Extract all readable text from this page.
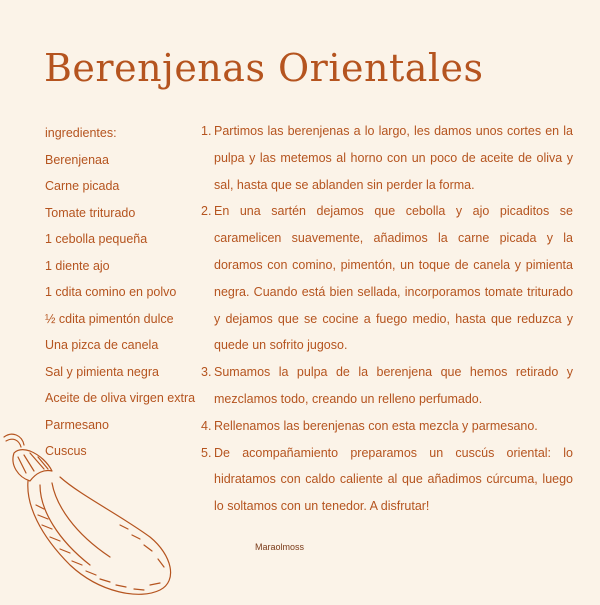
Berenjenas Orientales
ingredientes:
Berenjenaa
Carne picada
Tomate triturado
1 cebolla pequeña
1 diente ajo
1 cdita comino en polvo
½ cdita pimentón dulce
Una pizca de canela
Sal y pimienta negra
Aceite de oliva virgen extra
Parmesano
Cuscus
1. Partimos las berenjenas a lo largo, les damos unos cortes en la pulpa y las metemos al horno con un poco de aceite de oliva y sal, hasta que se ablanden sin perder la forma.
2. En una sartén dejamos que cebolla y ajo picaditos se caramelicen suavemente, añadimos la carne picada y la doramos con comino, pimentón, un toque de canela y pimienta negra. Cuando está bien sellada, incorporamos tomate triturado y dejamos que se cocine a fuego medio, hasta que reduzca y quede un sofrito jugoso.
3. Sumamos la pulpa de la berenjena que hemos retirado y mezclamos todo, creando un relleno perfumado.
4. Rellenamos las berenjenas con esta mezcla y parmesano.
5. De acompañamiento preparamos un cuscús oriental: lo hidratamos con caldo caliente al que añadimos cúrcuma, luego lo soltamos con un tenedor. A disfrutar!
Maraolmoss
